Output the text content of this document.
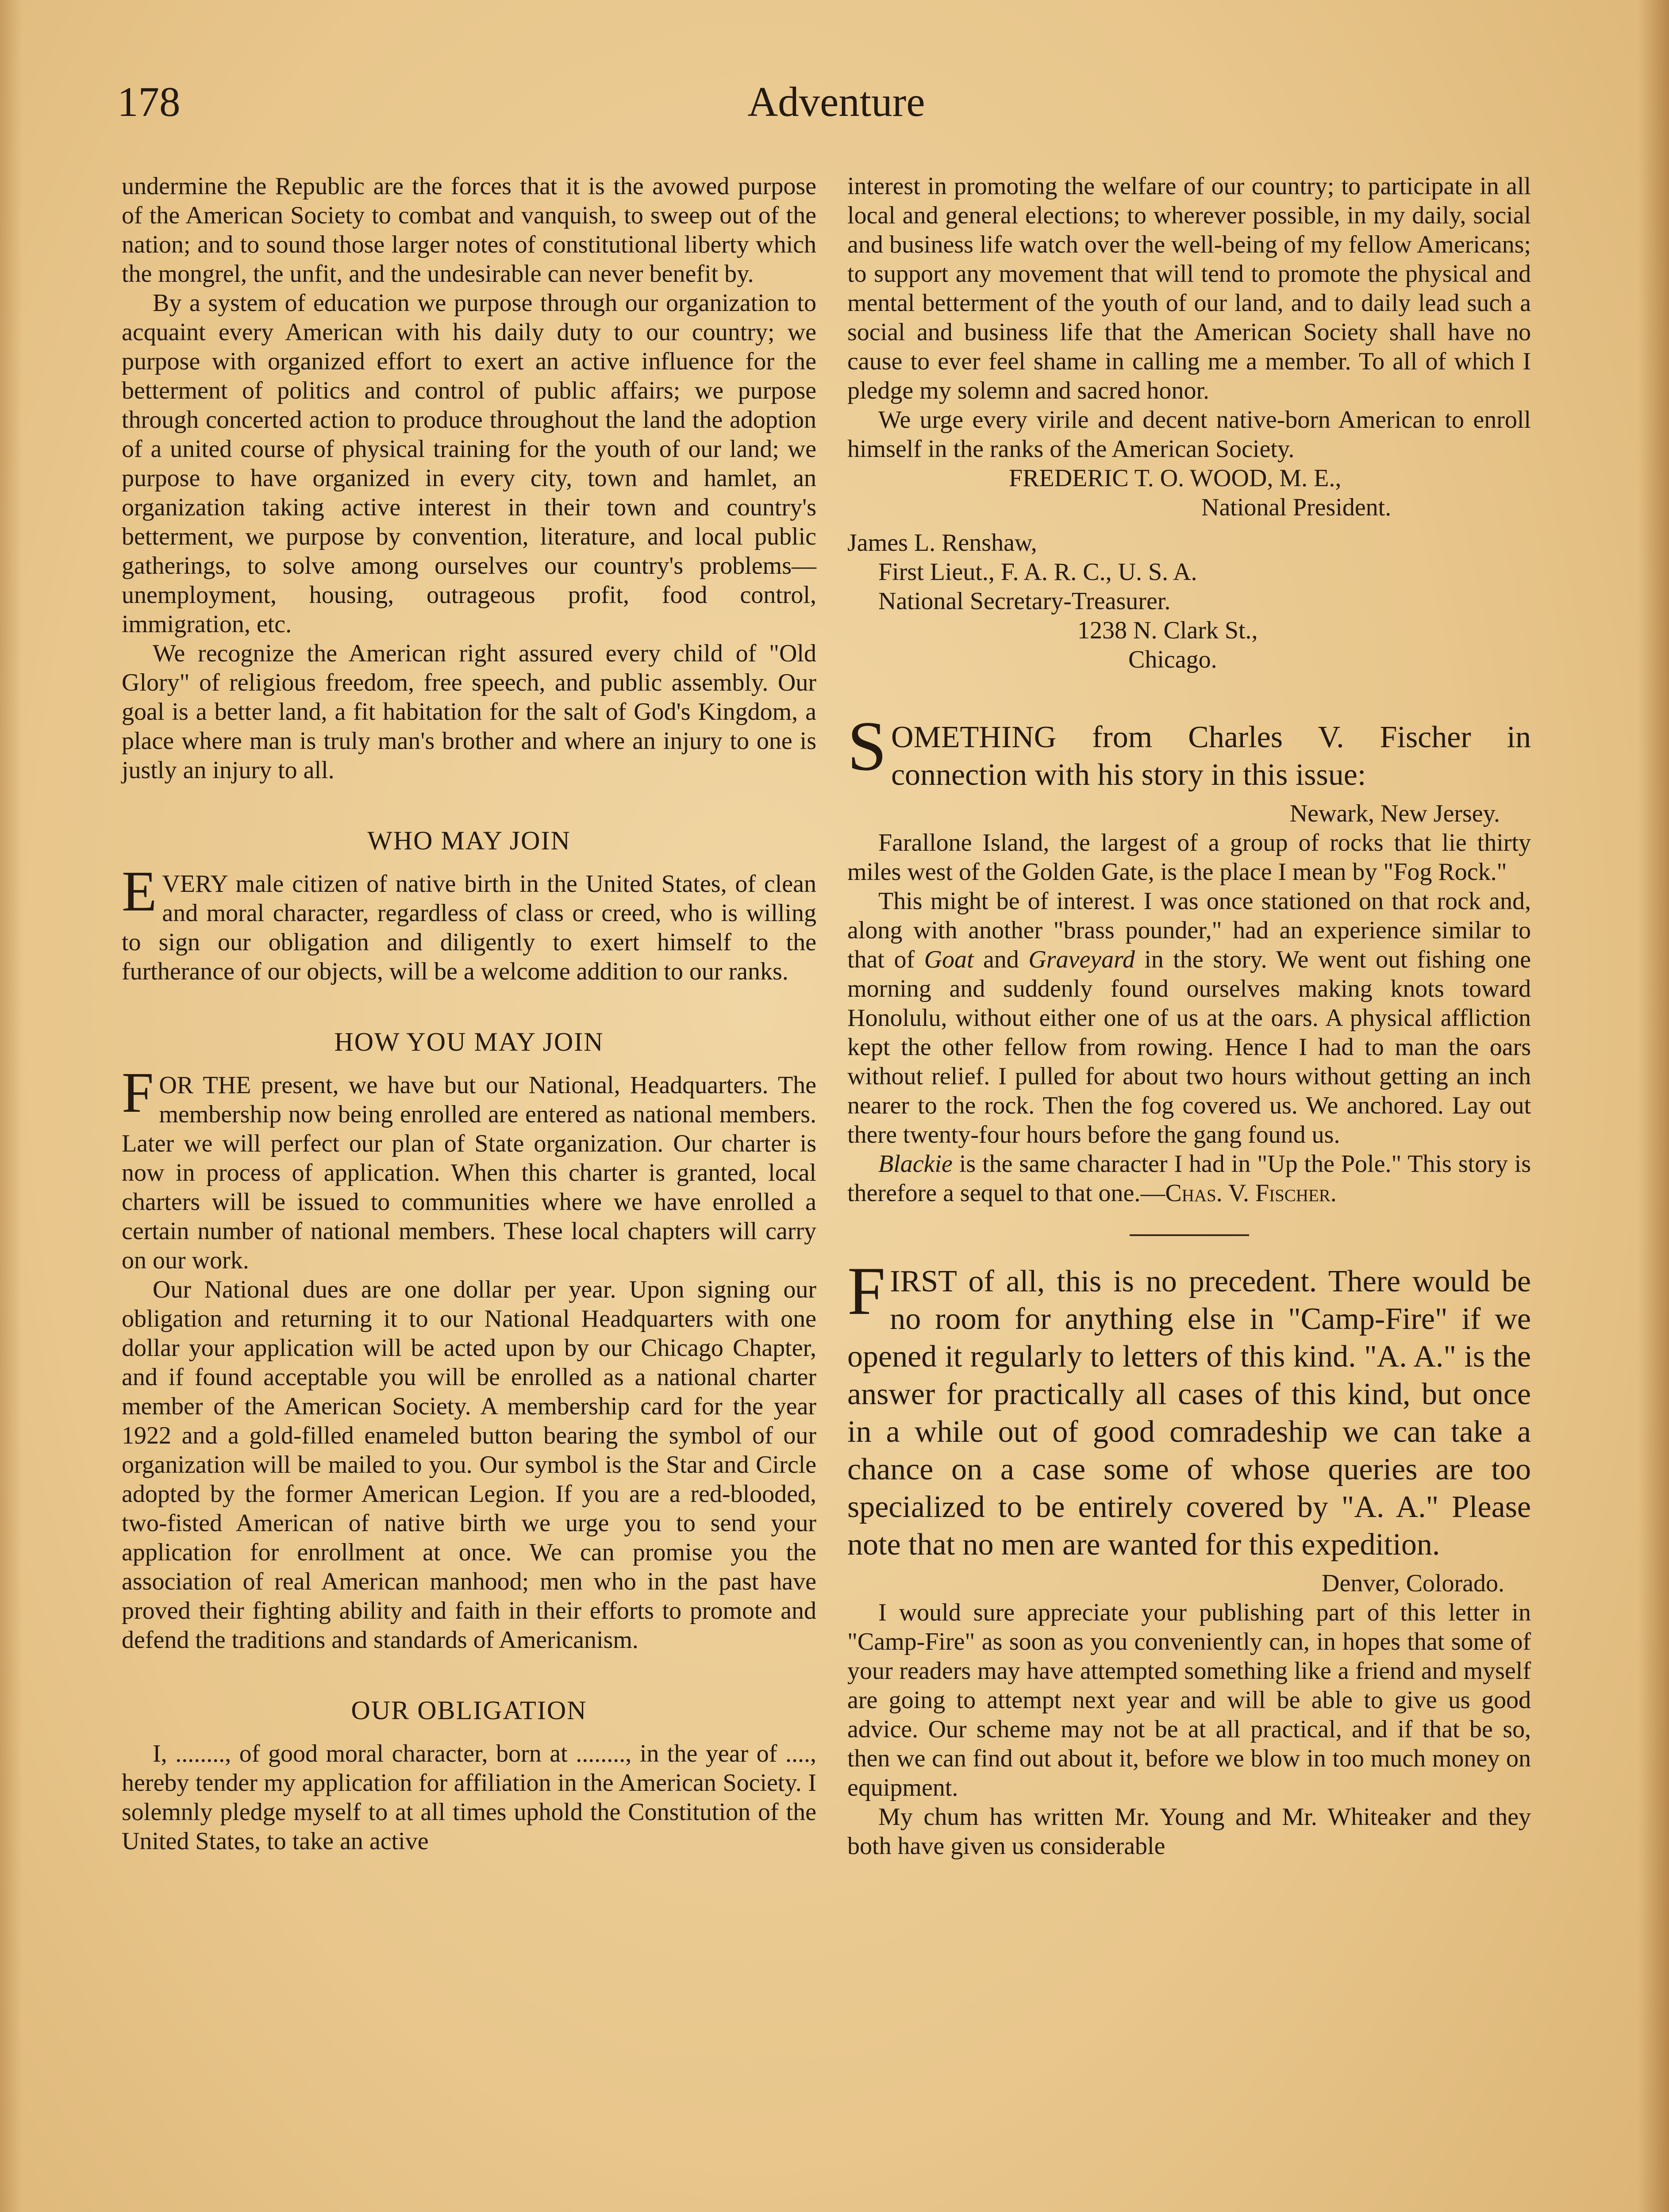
178	Adventure

undermine the Republic are the forces that it is the avowed purpose of the American Society to combat and vanquish, to sweep out of the nation; and to sound those larger notes of constitutional liberty which the mongrel, the unfit, and the undesirable can never benefit by.

By a system of education we purpose through our organization to acquaint every American with his daily duty to our country; we purpose with organized effort to exert an active influence for the betterment of politics and control of public affairs; we purpose through concerted action to produce throughout the land the adoption of a united course of physical training for the youth of our land; we purpose to have organized in every city, town and hamlet, an organization taking active interest in their town and country's betterment, we purpose by convention, literature, and local public gatherings, to solve among ourselves our country's problems—unemployment, housing, outrageous profit, food control, immigration, etc.

We recognize the American right assured every child of "Old Glory" of religious freedom, free speech, and public assembly. Our goal is a better land, a fit habitation for the salt of God's Kingdom, a place where man is truly man's brother and where an injury to one is justly an injury to all.

WHO MAY JOIN

EVERY male citizen of native birth in the United States, of clean and moral character, regardless of class or creed, who is willing to sign our obligation and diligently to exert himself to the furtherance of our objects, will be a welcome addition to our ranks.

HOW YOU MAY JOIN

FOR THE present, we have but our National, Headquarters. The membership now being enrolled are entered as national members. Later we will perfect our plan of State organization. Our charter is now in process of application. When this charter is granted, local charters will be issued to communities where we have enrolled a certain number of national members. These local chapters will carry on our work.

Our National dues are one dollar per year. Upon signing our obligation and returning it to our National Headquarters with one dollar your application will be acted upon by our Chicago Chapter, and if found acceptable you will be enrolled as a national charter member of the American Society. A membership card for the year 1922 and a gold-filled enameled button bearing the symbol of our organization will be mailed to you. Our symbol is the Star and Circle adopted by the former American Legion. If you are a red-blooded, two-fisted American of native birth we urge you to send your application for enrollment at once. We can promise you the association of real American manhood; men who in the past have proved their fighting ability and faith in their efforts to promote and defend the traditions and standards of Americanism.

OUR OBLIGATION

I, ........, of good moral character, born at ........, in the year of ...., hereby tender my application for affiliation in the American Society. I solemnly pledge myself to at all times uphold the Constitution of the United States, to take an active

interest in promoting the welfare of our country; to participate in all local and general elections; to wherever possible, in my daily, social and business life watch over the well-being of my fellow Americans; to support any movement that will tend to promote the physical and mental betterment of the youth of our land, and to daily lead such a social and business life that the American Society shall have no cause to ever feel shame in calling me a member. To all of which I pledge my solemn and sacred honor.

We urge every virile and decent native-born American to enroll himself in the ranks of the American Society.

FREDERIC T. O. WOOD, M. E.,
National President.
James L. Renshaw,
First Lieut., F. A. R. C., U. S. A.
National Secretary-Treasurer.
1238 N. Clark St.,
Chicago.

SOMETHING from Charles V. Fischer in connection with his story in this issue:

Newark, New Jersey.

Farallone Island, the largest of a group of rocks that lie thirty miles west of the Golden Gate, is the place I mean by "Fog Rock."

This might be of interest. I was once stationed on that rock and, along with another "brass pounder," had an experience similar to that of Goat and Graveyard in the story. We went out fishing one morning and suddenly found ourselves making knots toward Honolulu, without either one of us at the oars. A physical affliction kept the other fellow from rowing. Hence I had to man the oars without relief. I pulled for about two hours without getting an inch nearer to the rock. Then the fog covered us. We anchored. Lay out there twenty-four hours before the gang found us.

Blackie is the same character I had in "Up the Pole." This story is therefore a sequel to that one.—Chas. V. Fischer.

FIRST of all, this is no precedent. There would be no room for anything else in "Camp-Fire" if we opened it regularly to letters of this kind. "A. A." is the answer for practically all cases of this kind, but once in a while out of good comradeship we can take a chance on a case some of whose queries are too specialized to be entirely covered by "A. A." Please note that no men are wanted for this expedition.

Denver, Colorado.

I would sure appreciate your publishing part of this letter in "Camp-Fire" as soon as you conveniently can, in hopes that some of your readers may have attempted something like a friend and myself are going to attempt next year and will be able to give us good advice. Our scheme may not be at all practical, and if that be so, then we can find out about it, before we blow in too much money on equipment.

My chum has written Mr. Young and Mr. Whiteaker and they both have given us considerable
